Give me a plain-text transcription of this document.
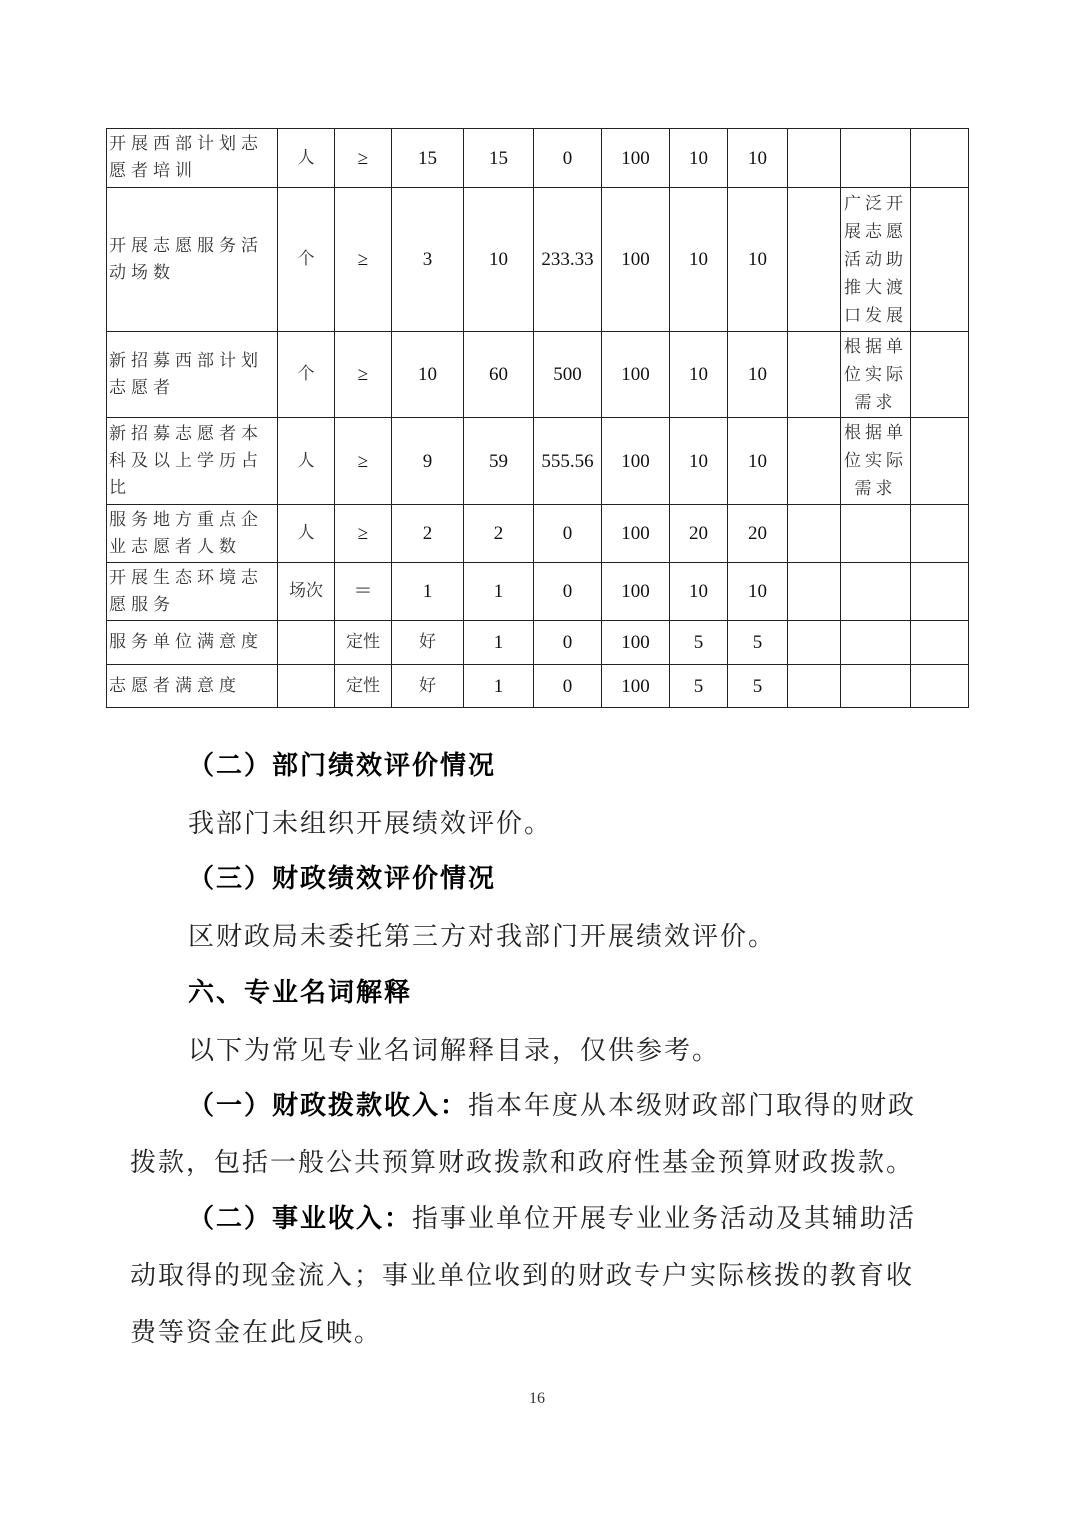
开展西部计划志愿者培训	人	≥	15	15	0	100	10	10			
开展志愿服务活动场数	个	≥	3	10	233.33	100	10	10		广泛开展志愿活动助推大渡口发展	
新招募西部计划志愿者	个	≥	10	60	500	100	10	10		根据单位实际需求	
新招募志愿者本科及以上学历占比	人	≥	9	59	555.56	100	10	10		根据单位实际需求	
服务地方重点企业志愿者人数	人	≥	2	2	0	100	20	20			
开展生态环境志愿服务	场次	＝	1	1	0	100	10	10			
服务单位满意度		定性	好	1	0	100	5	5			
志愿者满意度		定性	好	1	0	100	5	5			
（二）部门绩效评价情况
我部门未组织开展绩效评价。
（三）财政绩效评价情况
区财政局未委托第三方对我部门开展绩效评价。
六、专业名词解释
以下为常见专业名词解释目录，仅供参考。
（一）财政拨款收入：指本年度从本级财政部门取得的财政
拨款，包括一般公共预算财政拨款和政府性基金预算财政拨款。
（二）事业收入：指事业单位开展专业业务活动及其辅助活
动取得的现金流入；事业单位收到的财政专户实际核拨的教育收
费等资金在此反映。
16
